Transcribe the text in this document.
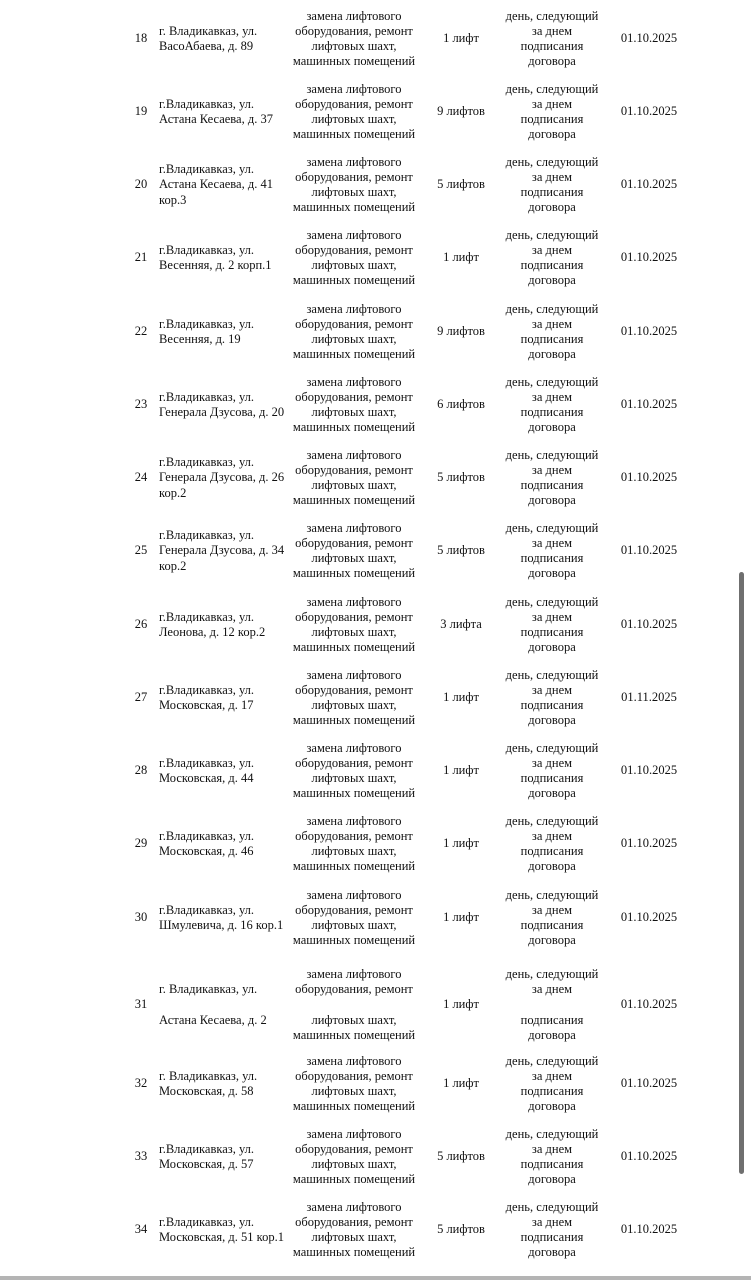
18
г. Владикавказ, ул.
ВасоАбаева, д. 89
замена лифтового
оборудования, ремонт
лифтовых шахт,
машинных помещений
1 лифт
день, следующий
за днем
подписания
договора
01.10.2025
19
г.Владикавказ, ул.
Астана Кесаева, д. 37
замена лифтового
оборудования, ремонт
лифтовых шахт,
машинных помещений
9 лифтов
день, следующий
за днем
подписания
договора
01.10.2025
20
г.Владикавказ, ул.
Астана Кесаева, д. 41
кор.3
замена лифтового
оборудования, ремонт
лифтовых шахт,
машинных помещений
5 лифтов
день, следующий
за днем
подписания
договора
01.10.2025
21
г.Владикавказ, ул.
Весенняя, д. 2 корп.1
замена лифтового
оборудования, ремонт
лифтовых шахт,
машинных помещений
1 лифт
день, следующий
за днем
подписания
договора
01.10.2025
22
г.Владикавказ, ул.
Весенняя, д. 19
замена лифтового
оборудования, ремонт
лифтовых шахт,
машинных помещений
9 лифтов
день, следующий
за днем
подписания
договора
01.10.2025
23
г.Владикавказ, ул.
Генерала Дзусова, д. 20
замена лифтового
оборудования, ремонт
лифтовых шахт,
машинных помещений
6 лифтов
день, следующий
за днем
подписания
договора
01.10.2025
24
г.Владикавказ, ул.
Генерала Дзусова, д. 26
кор.2
замена лифтового
оборудования, ремонт
лифтовых шахт,
машинных помещений
5 лифтов
день, следующий
за днем
подписания
договора
01.10.2025
25
г.Владикавказ, ул.
Генерала Дзусова, д. 34
кор.2
замена лифтового
оборудования, ремонт
лифтовых шахт,
машинных помещений
5 лифтов
день, следующий
за днем
подписания
договора
01.10.2025
26
г.Владикавказ, ул.
Леонова, д. 12 кор.2
замена лифтового
оборудования, ремонт
лифтовых шахт,
машинных помещений
3 лифта
день, следующий
за днем
подписания
договора
01.10.2025
27
г.Владикавказ, ул.
Московская, д. 17
замена лифтового
оборудования, ремонт
лифтовых шахт,
машинных помещений
1 лифт
день, следующий
за днем
подписания
договора
01.11.2025
28
г.Владикавказ, ул.
Московская, д. 44
замена лифтового
оборудования, ремонт
лифтовых шахт,
машинных помещений
1 лифт
день, следующий
за днем
подписания
договора
01.10.2025
29
г.Владикавказ, ул.
Московская, д. 46
замена лифтового
оборудования, ремонт
лифтовых шахт,
машинных помещений
1 лифт
день, следующий
за днем
подписания
договора
01.10.2025
30
г.Владикавказ, ул.
Шмулевича, д. 16 кор.1
замена лифтового
оборудования, ремонт
лифтовых шахт,
машинных помещений
1 лифт
день, следующий
за днем
подписания
договора
01.10.2025
31
г. Владикавказ, ул.

Астана Кесаева, д. 2
замена лифтового
оборудования, ремонт

лифтовых шахт,
машинных помещений
1 лифт
день, следующий
за днем

подписания
договора
01.10.2025
32
г. Владикавказ, ул.
Московская, д. 58
замена лифтового
оборудования, ремонт
лифтовых шахт,
машинных помещений
1 лифт
день, следующий
за днем
подписания
договора
01.10.2025
33
г.Владикавказ, ул.
Московская, д. 57
замена лифтового
оборудования, ремонт
лифтовых шахт,
машинных помещений
5 лифтов
день, следующий
за днем
подписания
договора
01.10.2025
34
г.Владикавказ, ул.
Московская, д. 51 кор.1
замена лифтового
оборудования, ремонт
лифтовых шахт,
машинных помещений
5 лифтов
день, следующий
за днем
подписания
договора
01.10.2025
